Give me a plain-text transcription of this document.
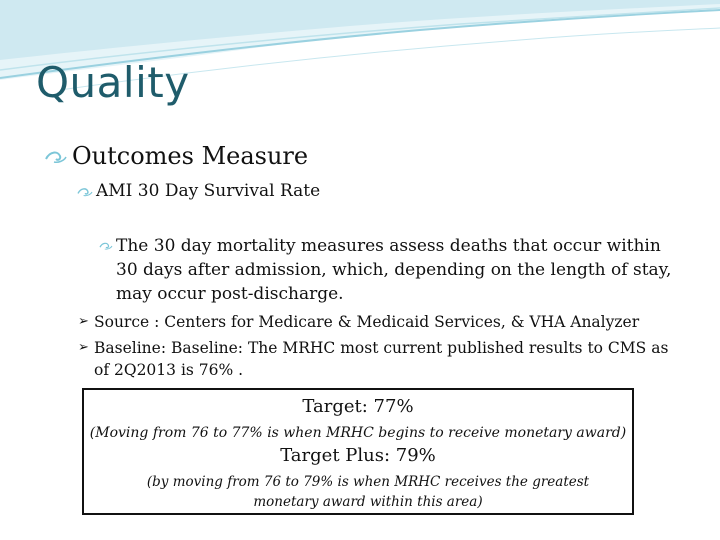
Quality
Outcomes Measure
AMI 30 Day Survival Rate
The 30 day mortality measures assess deaths that occur within 30 days after admission, which, depending on the length of stay, may occur post-discharge.
➢ Source : Centers for Medicare & Medicaid Services, & VHA Analyzer
➢ Baseline: Baseline: The MRHC most current published results to CMS as of 2Q2013 is 76% .
Target: 77%
(Moving from 76 to 77% is when MRHC begins to receive monetary award)
Target Plus: 79%
(by moving from 76 to 79% is when MRHC receives the greatest monetary award within this area)
